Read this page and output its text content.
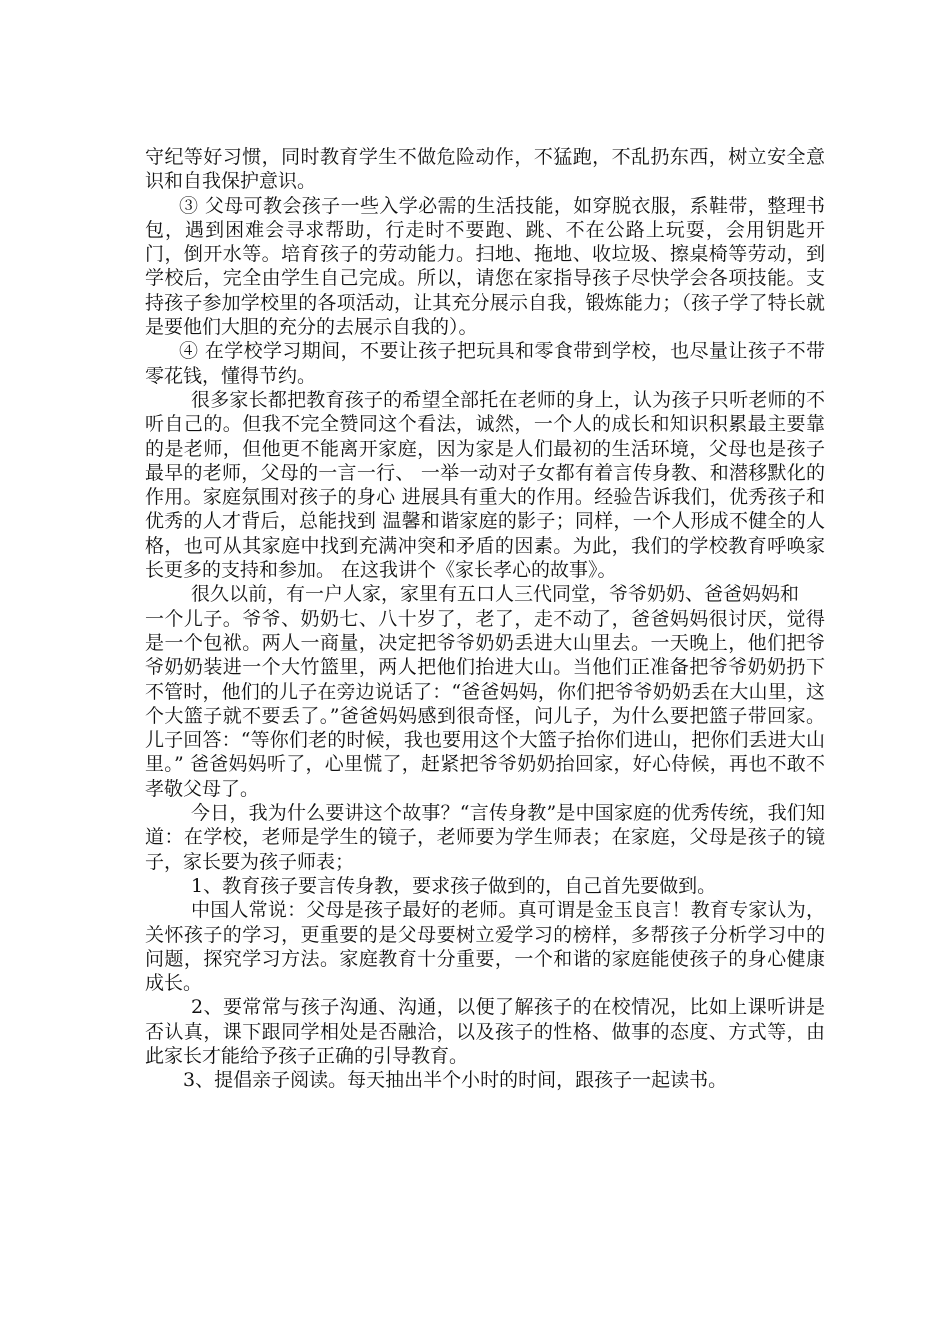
守纪等好习惯，同时教育学生不做危险动作，不猛跑，不乱扔东西，树立安全意识和自我保护意识。

③ 父母可教会孩子一些入学必需的生活技能，如穿脱衣服，系鞋带，整理书包，遇到困难会寻求帮助，行走时不要跑、跳、不在公路上玩耍，会用钥匙开门，倒开水等。培育孩子的劳动能力。扫地、拖地、收垃圾、擦桌椅等劳动，到学校后，完全由学生自己完成。所以，请您在家指导孩子尽快学会各项技能。支持孩子参加学校里的各项活动，让其充分展示自我，锻炼能力；（孩子学了特长就是要他们大胆的充分的去展示自我的）。

④ 在学校学习期间，不要让孩子把玩具和零食带到学校，也尽量让孩子不带零花钱，懂得节约。

很多家长都把教育孩子的希望全部托在老师的身上，认为孩子只听老师的不听自己的。但我不完全赞同这个看法，诚然，一个人的成长和知识积累最主要靠的是老师，但他更不能离开家庭，因为家是人们最初的生活环境，父母也是孩子最早的老师，父母的一言一行、 一举一动对子女都有着言传身教、和潜移默化的作用。家庭氛围对孩子的身心 进展具有重大的作用。经验告诉我们，优秀孩子和优秀的人才背后，总能找到 温馨和谐家庭的影子；同样，一个人形成不健全的人格，也可从其家庭中找到充满冲突和矛盾的因素。为此，我们的学校教育呼唤家长更多的支持和参加。 在这我讲个《家长孝心的故事》。

很久以前，有一户人家，家里有五口人三代同堂，爷爷奶奶、爸爸妈妈和

一个儿子。爷爷、奶奶七、八十岁了，老了，走不动了，爸爸妈妈很讨厌，觉得是一个包袱。两人一商量，决定把爷爷奶奶丢进大山里去。一天晚上，他们把爷爷奶奶装进一个大竹篮里，两人把他们抬进大山。当他们正准备把爷爷奶奶扔下不管时，他们的儿子在旁边说话了：“爸爸妈妈，你们把爷爷奶奶丢在大山里，这个大篮子就不要丢了。”爸爸妈妈感到很奇怪，问儿子，为什么要把篮子带回家。儿子回答：“等你们老的时候，我也要用这个大篮子抬你们进山，把你们丢进大山里。” 爸爸妈妈听了，心里慌了，赶紧把爷爷奶奶抬回家，好心侍候，再也不敢不孝敬父母了。

今日，我为什么要讲这个故事？“言传身教”是中国家庭的优秀传统，我们知道：在学校，老师是学生的镜子，老师要为学生师表；在家庭，父母是孩子的镜子，家长要为孩子师表；

1、教育孩子要言传身教，要求孩子做到的，自己首先要做到。

中国人常说：父母是孩子最好的老师。真可谓是金玉良言！教育专家认为，关怀孩子的学习，更重要的是父母要树立爱学习的榜样，多帮孩子分析学习中的问题，探究学习方法。家庭教育十分重要，一个和谐的家庭能使孩子的身心健康成长。

2、要常常与孩子沟通、沟通，以便了解孩子的在校情况，比如上课听讲是否认真，课下跟同学相处是否融洽，以及孩子的性格、做事的态度、方式等，由此家长才能给予孩子正确的引导教育。

3、提倡亲子阅读。每天抽出半个小时的时间，跟孩子一起读书。
